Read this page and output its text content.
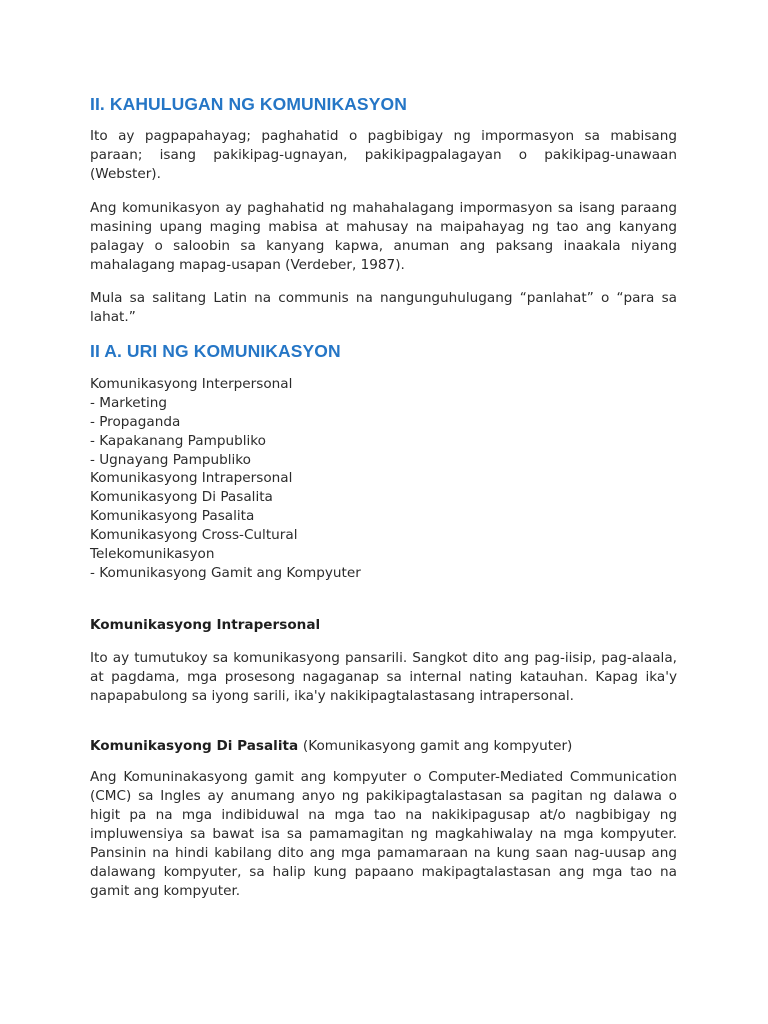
II. KAHULUGAN NG KOMUNIKASYON

Ito ay pagpapahayag; paghahatid o pagbibigay ng impormasyon sa mabisang paraan; isang pakikipag-ugnayan, pakikipagpalagayan o pakikipag-unawaan (Webster).

Ang komunikasyon ay paghahatid ng mahahalagang impormasyon sa isang paraang masining upang maging mabisa at mahusay na maipahayag ng tao ang kanyang palagay o saloobin sa kanyang kapwa, anuman ang paksang inaakala niyang mahalagang mapag-usapan (Verdeber, 1987).

Mula sa salitang Latin na communis na nangunguhulugang “panlahat” o “para sa lahat.”

II A. URI NG KOMUNIKASYON
Komunikasyong Interpersonal
- Marketing
- Propaganda
- Kapakanang Pampubliko
- Ugnayang Pampubliko
Komunikasyong Intrapersonal
Komunikasyong Di Pasalita
Komunikasyong Pasalita
Komunikasyong Cross-Cultural
Telekomunikasyon
- Komunikasyong Gamit ang Kompyuter
Komunikasyong Intrapersonal

Ito ay tumutukoy sa komunikasyong pansarili. Sangkot dito ang pag-iisip, pag-alaala, at pagdama, mga prosesong nagaganap sa internal nating katauhan. Kapag ika'y napapabulong sa iyong sarili, ika'y nakikipagtalastasang intrapersonal.

Komunikasyong Di Pasalita (Komunikasyong gamit ang kompyuter)

Ang Komuninakasyong gamit ang kompyuter o Computer-Mediated Communication (CMC) sa Ingles ay anumang anyo ng pakikipagtalastasan sa pagitan ng dalawa o higit pa na mga indibiduwal na mga tao na nakikipagusap at/o nagbibigay ng impluwensiya sa bawat isa sa pamamagitan ng magkahiwalay na mga kompyuter. Pansinin na hindi kabilang dito ang mga pamamaraan na kung saan nag-uusap ang dalawang kompyuter, sa halip kung papaano makipagtalastasan ang mga tao na gamit ang kompyuter.
